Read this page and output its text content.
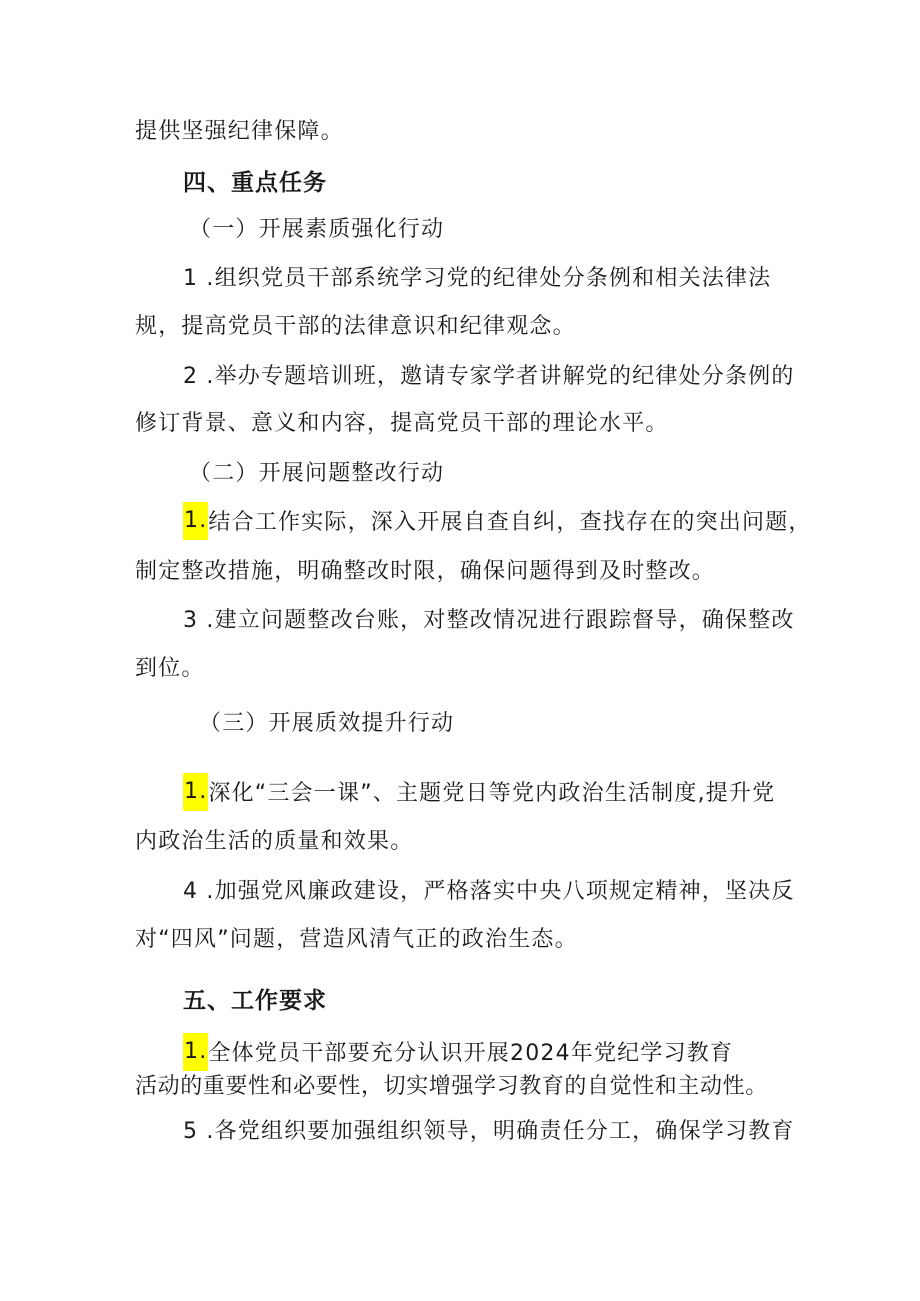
提供坚强纪律保障。
四、重点任务
（一）开展素质强化行动
1 .组织党员干部系统学习党的纪律处分条例和相关法律法
规，提高党员干部的法律意识和纪律观念。
2 .举办专题培训班，邀请专家学者讲解党的纪律处分条例的
修订背景、意义和内容，提高党员干部的理论水平。
（二）开展问题整改行动
1.结合工作实际，深入开展自查自纠，查找存在的突出问题，
制定整改措施，明确整改时限，确保问题得到及时整改。
3 .建立问题整改台账，对整改情况进行跟踪督导，确保整改
到位。
（三）开展质效提升行动
1.深化“三会一课”、主题党日等党内政治生活制度,提升党
内政治生活的质量和效果。
4 .加强党风廉政建设，严格落实中央八项规定精神，坚决反
对“四风”问题，营造风清气正的政治生态。
五、工作要求
1.全体党员干部要充分认识开展2024年党纪学习教育
活动的重要性和必要性，切实增强学习教育的自觉性和主动性。
5 .各党组织要加强组织领导，明确责任分工，确保学习教育
